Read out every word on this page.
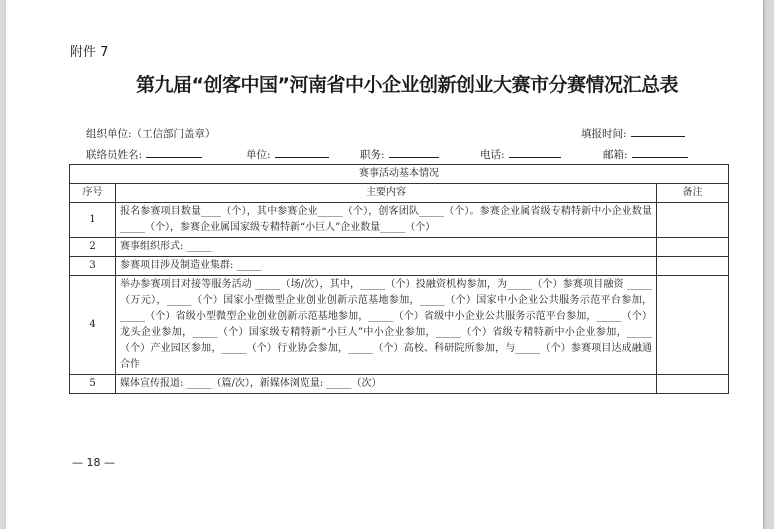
附件 7
第九届“创客中国”河南省中小企业创新创业大赛市分赛情况汇总表
组织单位:（工信部门盖章）	填报时间:
联络员姓名:	单位:	职务:	电话:	邮箱:
赛事活动基本情况		
序号	主要内容	备注
1	报名参赛项目数量____（个），其中参赛企业_____（个），创客团队_____（个）。参赛企业属省级专精特新中小企业数量 _____（个），参赛企业属国家级专精特新“小巨人”企业数量_____（个）	
2	赛事组织形式: _____	
3	参赛项目涉及制造业集群: _____	
4	举办参赛项目对接等服务活动 _____（场/次），其中，_____（个）投融资机构参加，为_____（个）参赛项目融资 _____（万元），_____（个）国家小型微型企业创业创新示范基地参加，_____（个）国家中小企业公共服务示范平台参加，_____（个）省级小型微型企业创业创新示范基地参加，_____（个）省级中小企业公共服务示范平台参加，_____（个）龙头企业参加，_____（个）国家级专精特新“小巨人”中小企业参加，_____（个）省级专精特新中小企业参加，_____（个）产业园区参加，_____（个）行业协会参加，_____（个）高校、科研院所参加，与_____（个）参赛项目达成融通合作	
5	媒体宣传报道: _____（篇/次），新媒体浏览量: _____（次）	
— 18 —
